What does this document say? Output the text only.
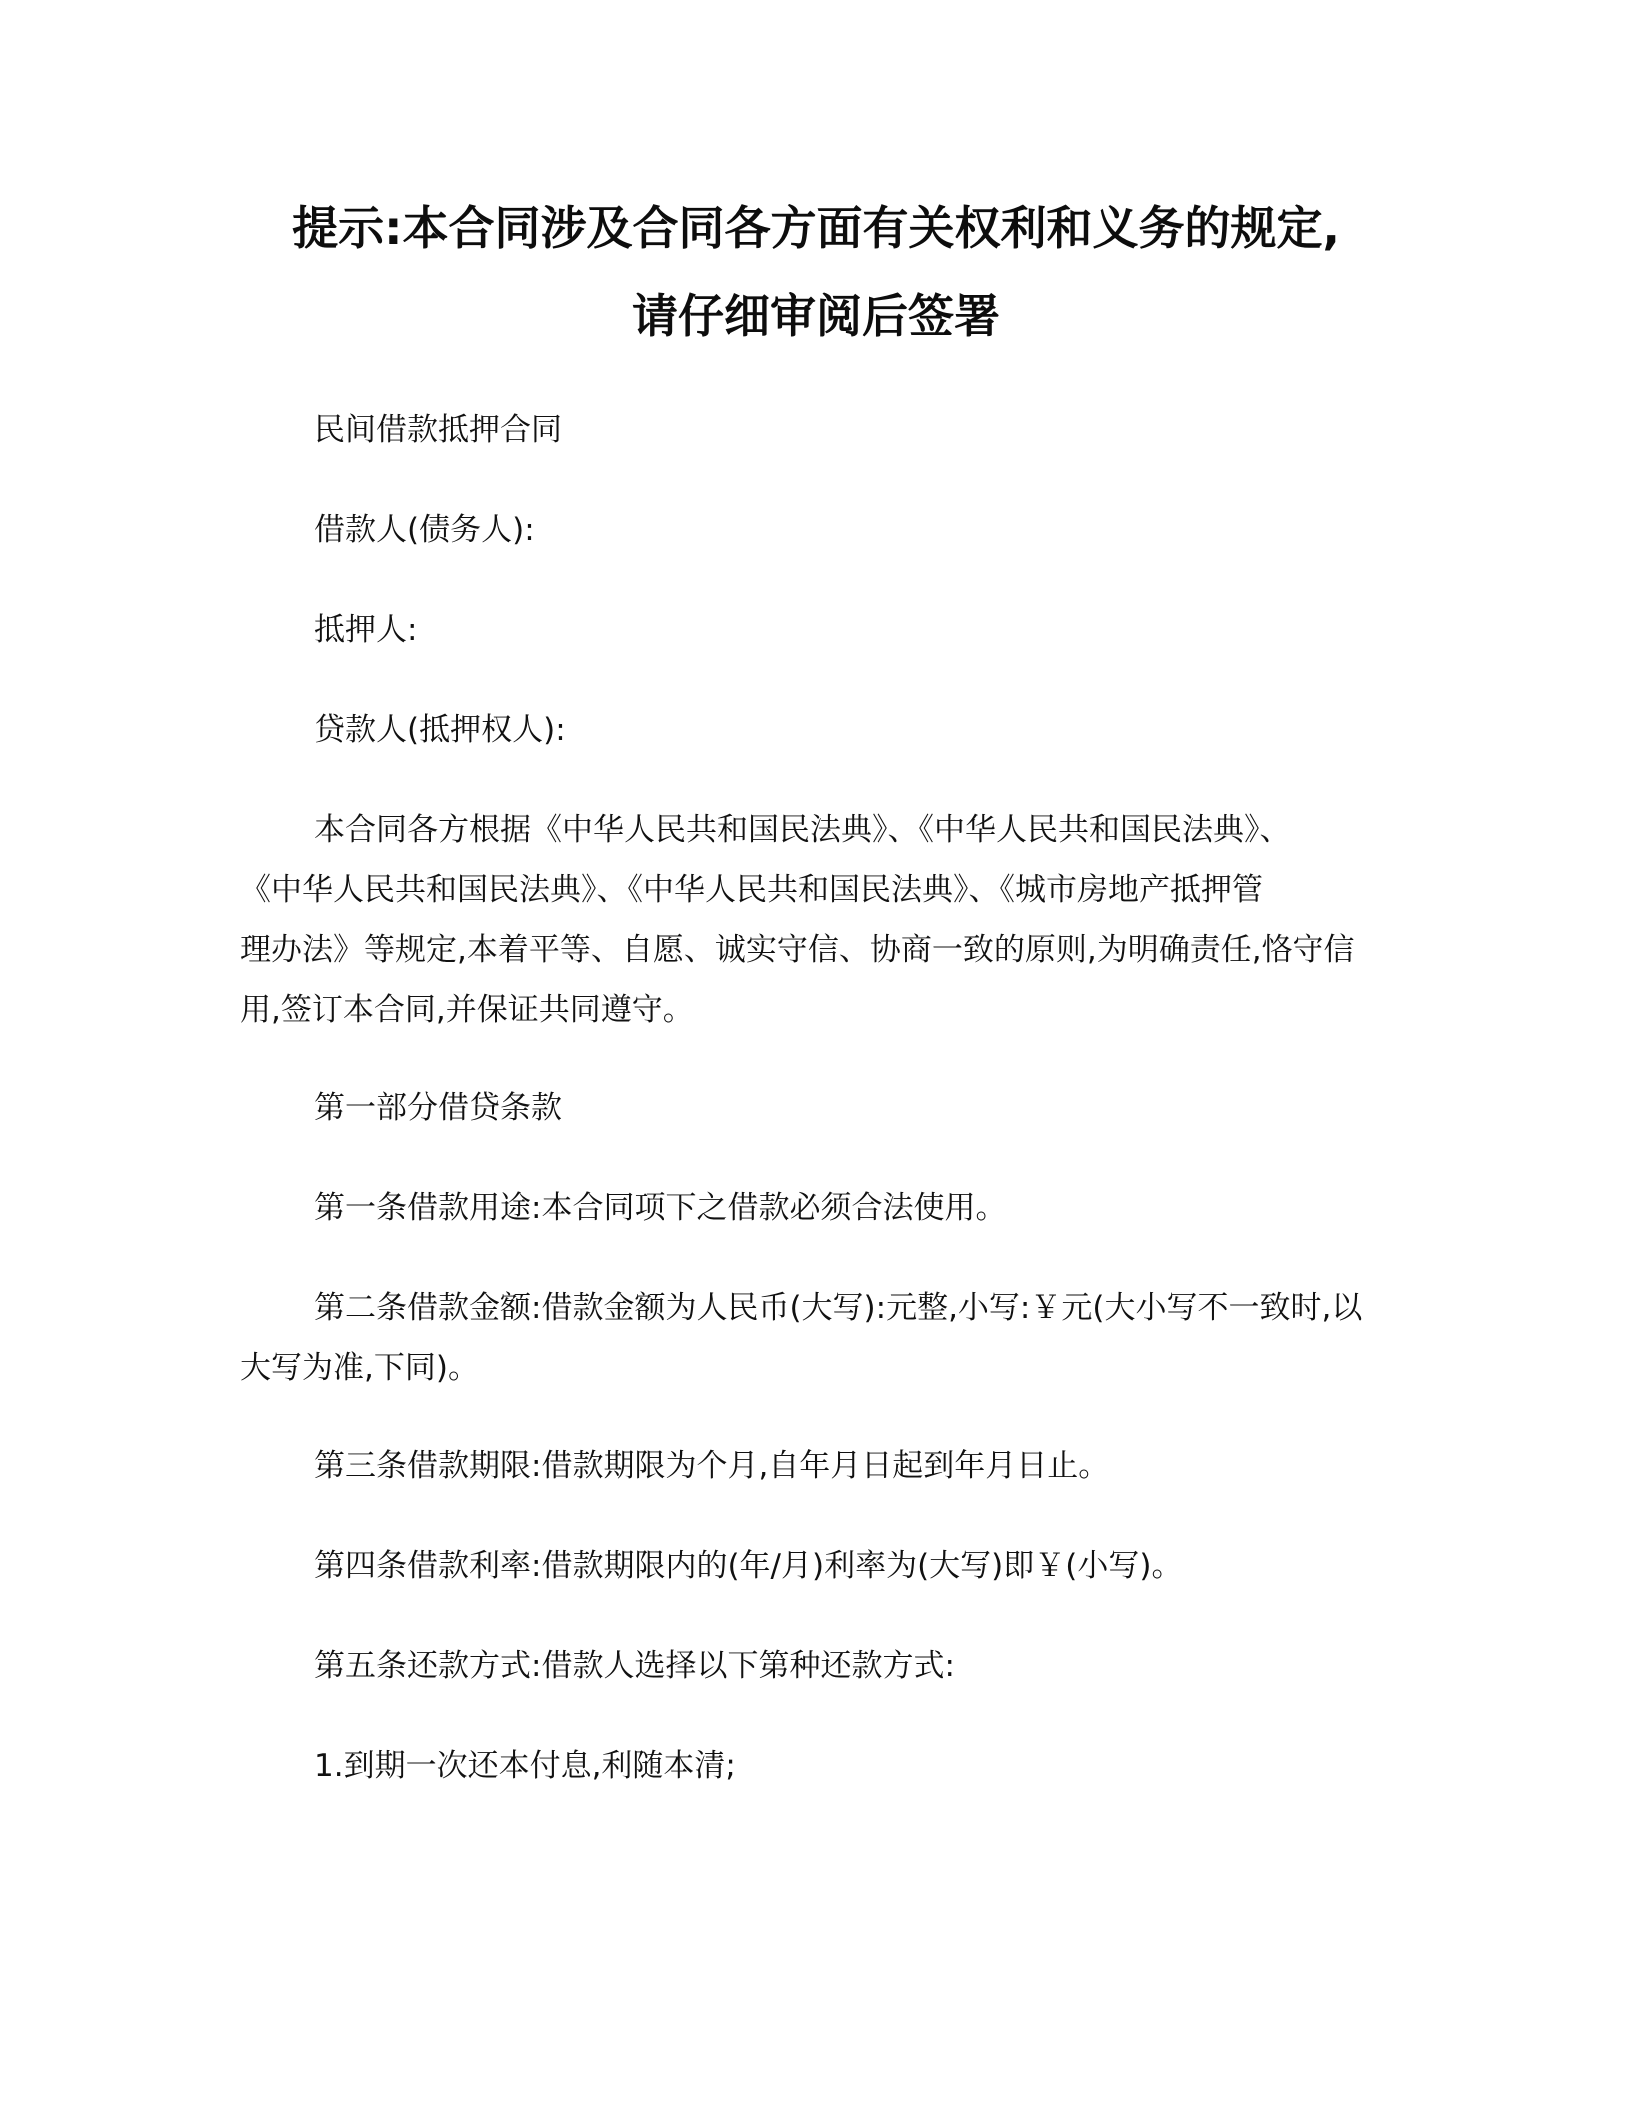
提示:本合同涉及合同各方面有关权利和义务的规定,
请仔细审阅后签署
民间借款抵押合同
借款人(债务人):
抵押人:
贷款人(抵押权人):
本合同各方根据《中华人民共和国民法典》、《中华人民共和国民法典》、
《中华人民共和国民法典》、《中华人民共和国民法典》、《城市房地产抵押管
理办法》等规定,本着平等、自愿、诚实守信、协商一致的原则,为明确责任,恪守信
用,签订本合同,并保证共同遵守。
第一部分借贷条款
第一条借款用途:本合同项下之借款必须合法使用。
第二条借款金额:借款金额为人民币(大写):元整,小写:￥元(大小写不一致时,以
大写为准,下同)。
第三条借款期限:借款期限为个月,自年月日起到年月日止。
第四条借款利率:借款期限内的(年/月)利率为(大写)即￥(小写)。
第五条还款方式:借款人选择以下第种还款方式:
1.到期一次还本付息,利随本清;
